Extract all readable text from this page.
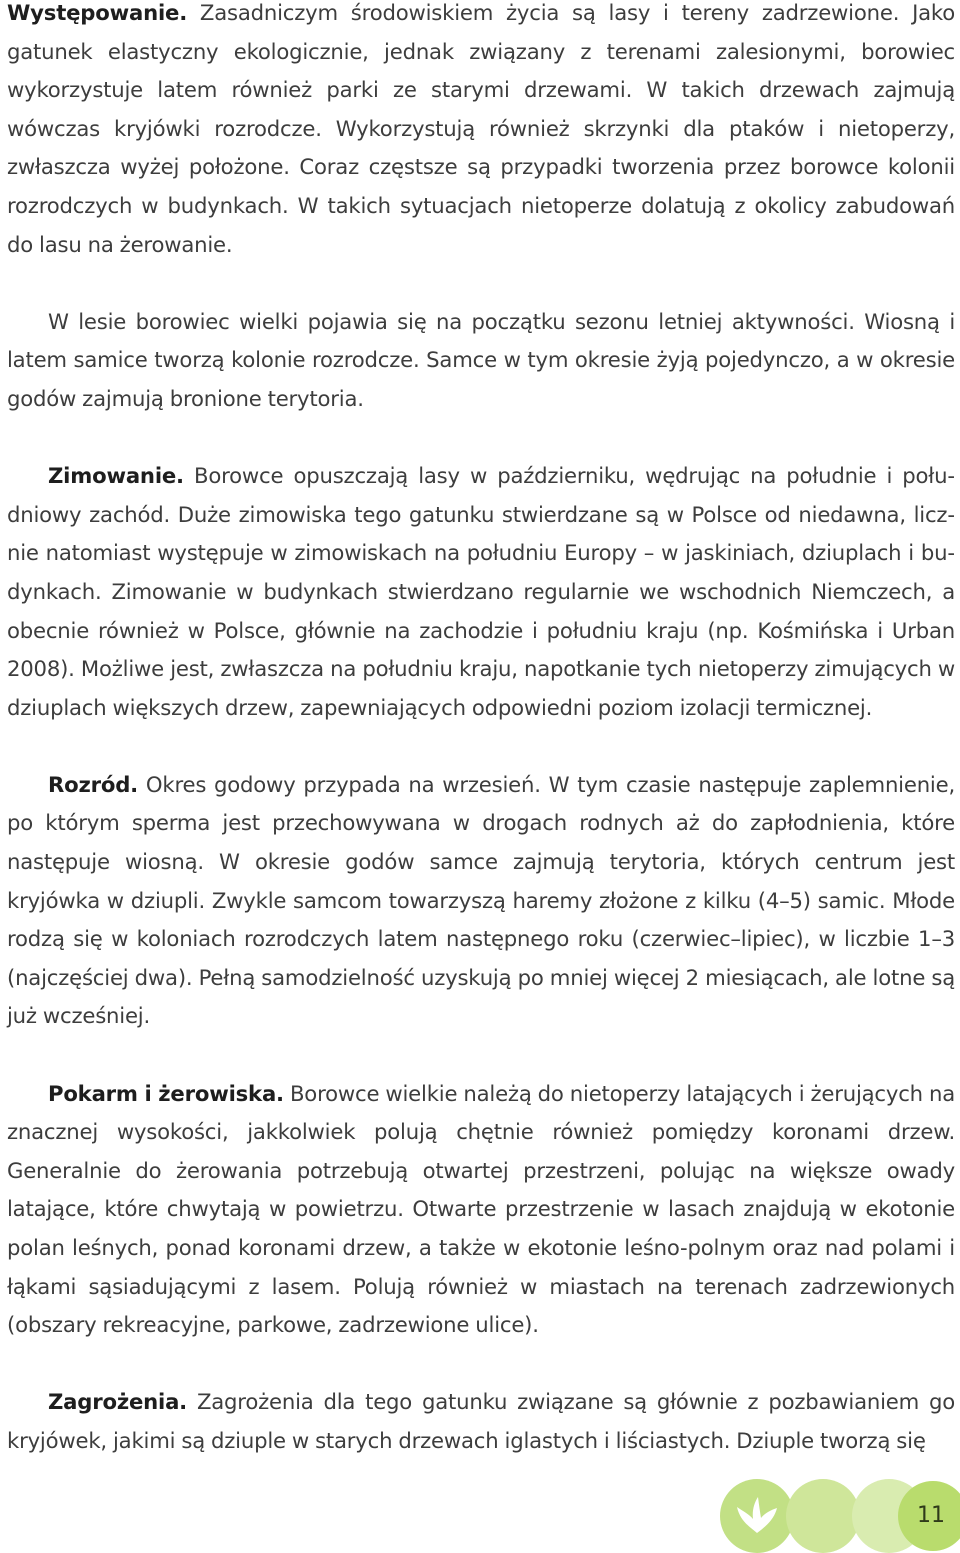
Występowanie. Zasadniczym środowiskiem życia są lasy i tereny zadrzewione. Jako gatunek elastyczny ekologicznie, jednak związany z terenami zalesionymi, borowiec wykorzystuje latem również parki ze starymi drzewami. W takich drzewach zajmują wówczas kryjówki rozrodcze. Wykorzystują również skrzynki dla ptaków i nietoperzy, zwłaszcza wyżej położone. Coraz częstsze są przypadki tworzenia przez borowce kolonii rozrodczych w budynkach. W takich sytuacjach nietoperze dolatują z okolicy zabudowań do lasu na żerowanie.

W lesie borowiec wielki pojawia się na początku sezonu letniej aktywności. Wiosną i latem samice tworzą kolonie rozrodcze. Samce w tym okresie żyją pojedynczo, a w okresie godów zajmują bronione terytoria.

Zimowanie. Borowce opuszczają lasy w październiku, wędrując na południe i południowy zachód. Duże zimowiska tego gatunku stwierdzane są w Polsce od niedawna, licznie natomiast występuje w zimowiskach na południu Europy – w jaskiniach, dziuplach i budynkach. Zimowanie w budynkach stwierdzano regularnie we wschodnich Niemczech, a obecnie również w Polsce, głównie na zachodzie i południu kraju (np. Kośmińska i Urban 2008). Możliwe jest, zwłaszcza na południu kraju, napotkanie tych nietoperzy zimujących w dziuplach większych drzew, zapewniających odpowiedni poziom izolacji termicznej.

Rozród. Okres godowy przypada na wrzesień. W tym czasie następuje zaplemnienie, po którym sperma jest przechowywana w drogach rodnych aż do zapłodnienia, które następuje wiosną. W okresie godów samce zajmują terytoria, których centrum jest kryjówka w dziupli. Zwykle samcom towarzyszą haremy złożone z kilku (4–5) samic. Młode rodzą się w koloniach rozrodczych latem następnego roku (czerwiec–lipiec), w liczbie 1–3 (najczęściej dwa). Pełną samodzielność uzyskują po mniej więcej 2 miesiącach, ale lotne są już wcześniej.

Pokarm i żerowiska. Borowce wielkie należą do nietoperzy latających i żerujących na znacznej wysokości, jakkolwiek polują chętnie również pomiędzy koronami drzew. Generalnie do żerowania potrzebują otwartej przestrzeni, polując na większe owady latające, które chwytają w powietrzu. Otwarte przestrzenie w lasach znajdują w ekotonie polan leśnych, ponad koronami drzew, a także w ekotonie leśno-polnym oraz nad polami i łąkami sąsiadującymi z lasem. Polują również w miastach na terenach zadrzewionych (obszary rekreacyjne, parkowe, zadrzewione ulice).

Zagrożenia. Zagrożenia dla tego gatunku związane są głównie z pozbawianiem go kryjówek, jakimi są dziuple w starych drzewach iglastych i liściastych. Dziuple tworzą się

11
